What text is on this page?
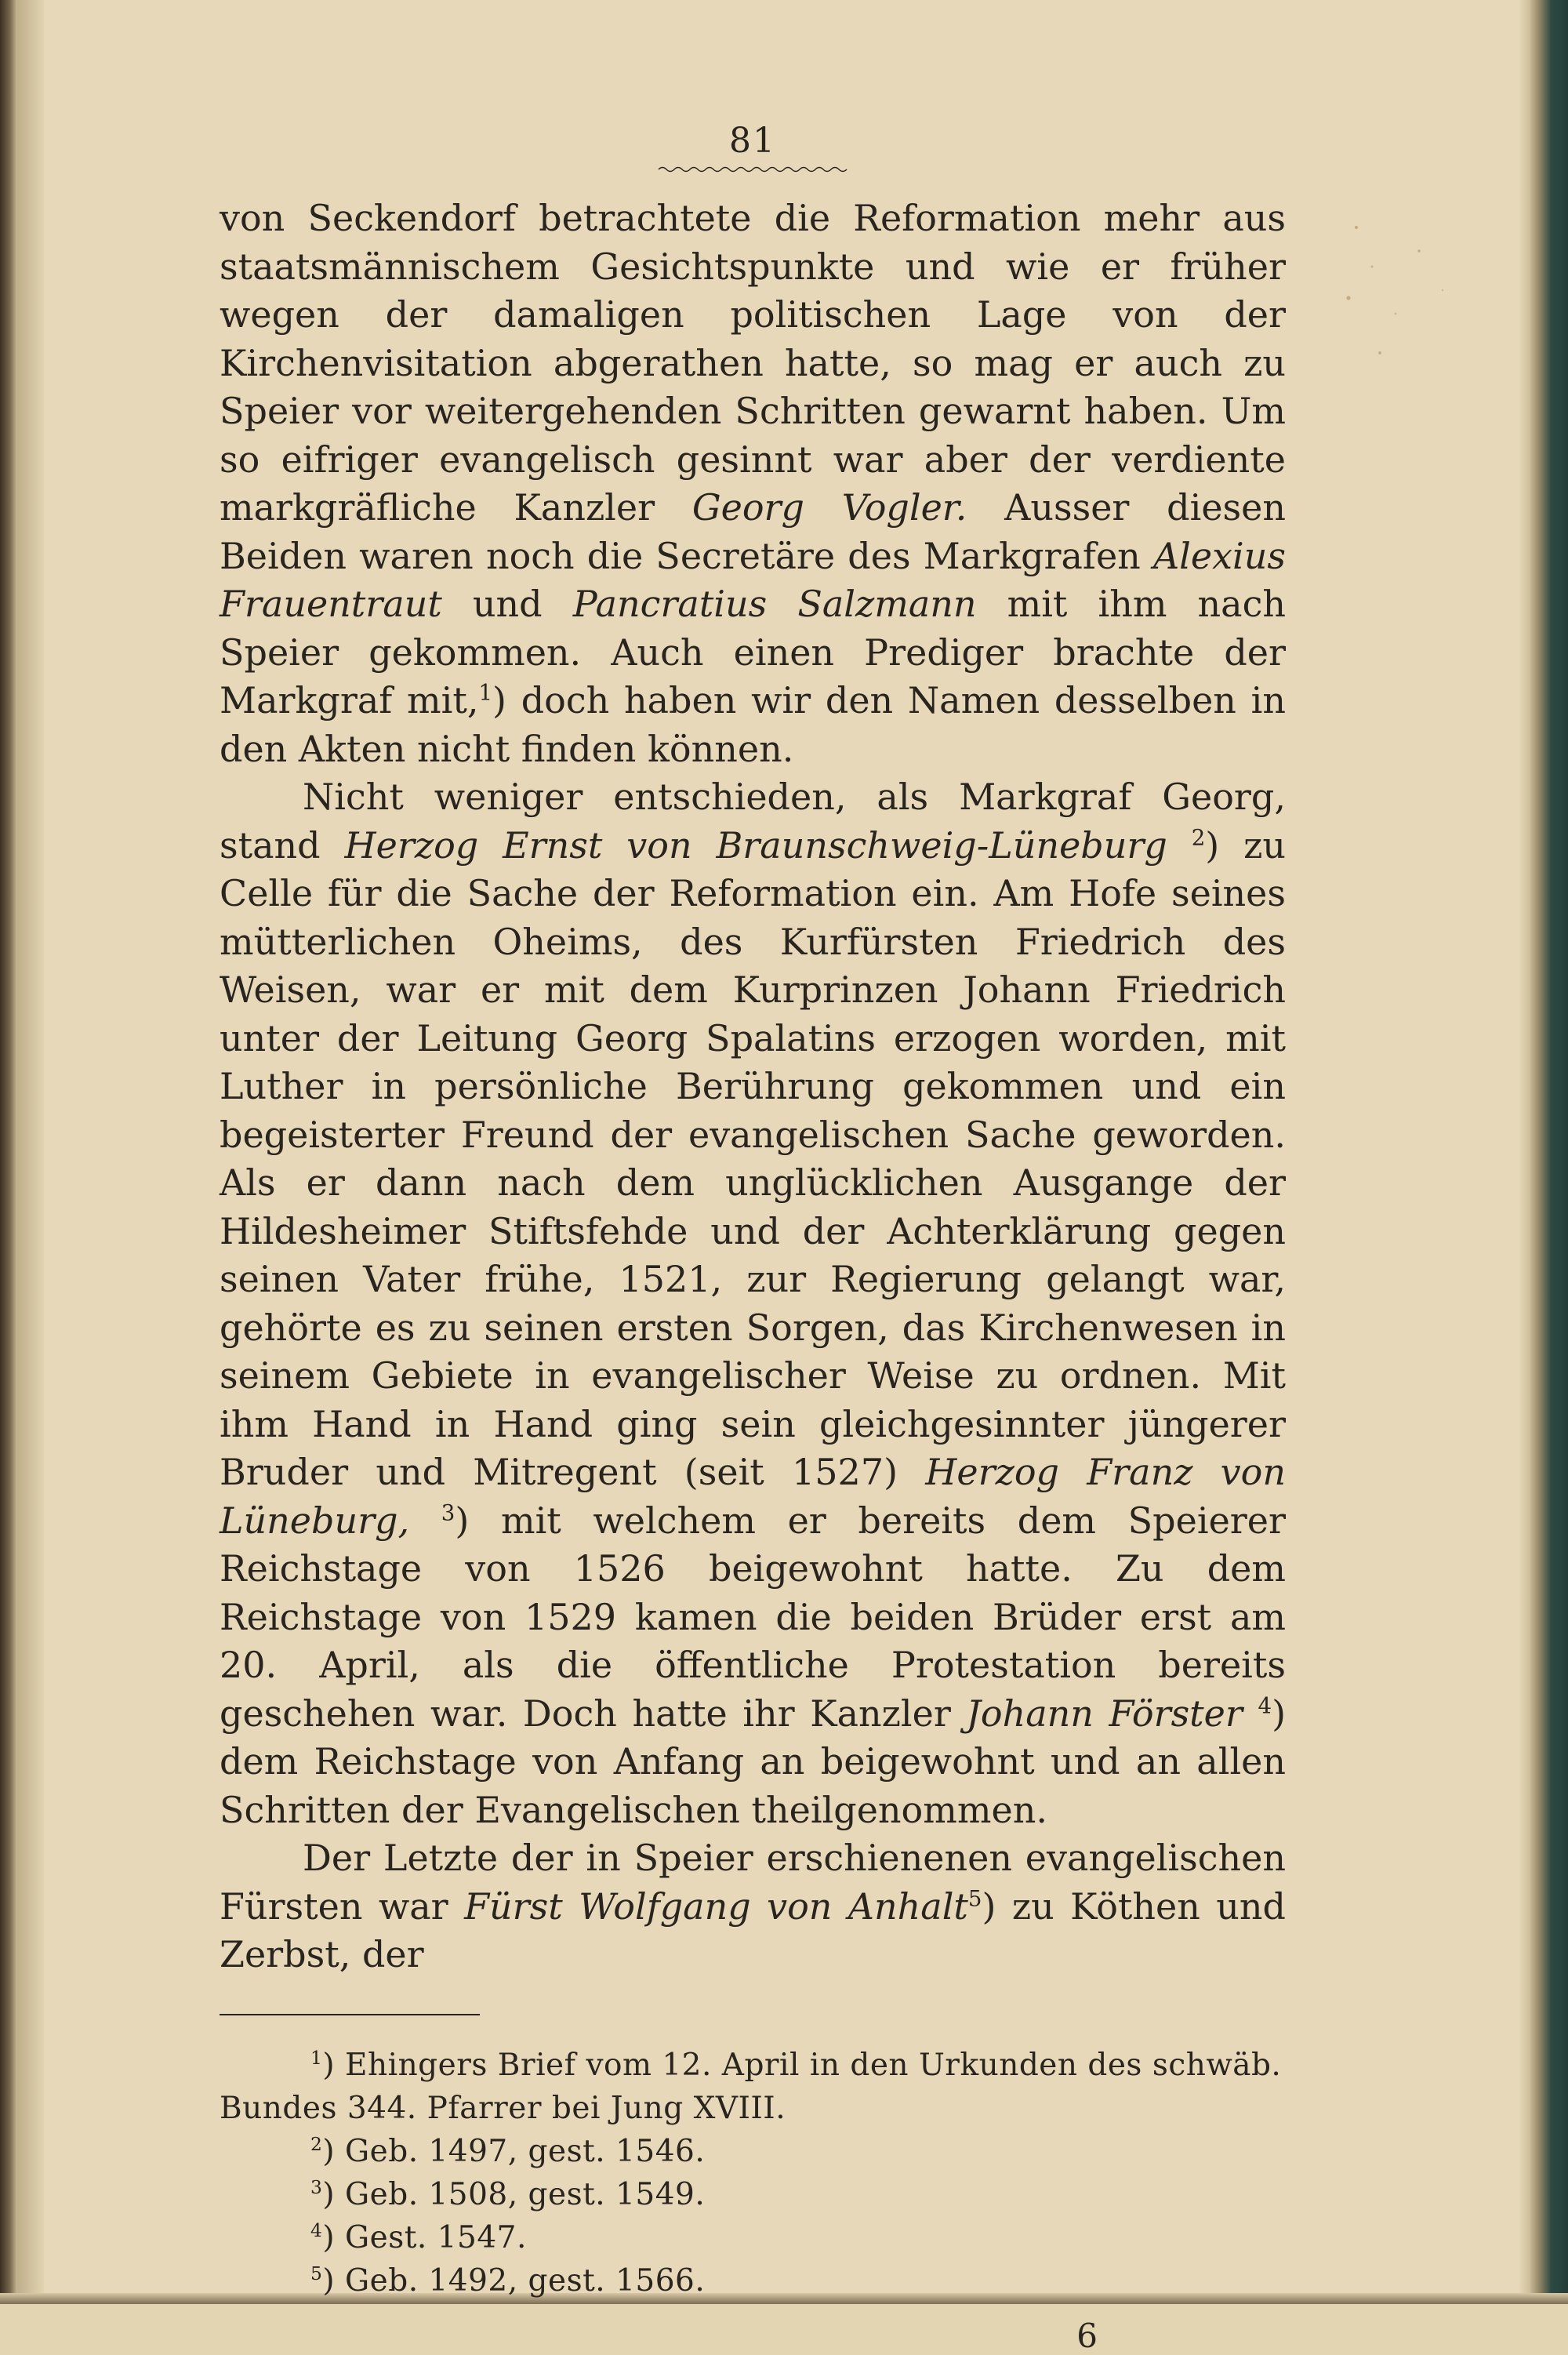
81

von Seckendorf betrachtete die Reformation mehr aus staatsmännischem Gesichtspunkte und wie er früher wegen der damaligen politischen Lage von der Kirchenvisitation abgerathen hatte, so mag er auch zu Speier vor weitergehenden Schritten gewarnt haben. Um so eifriger evangelisch gesinnt war aber der verdiente markgräfliche Kanzler Georg Vogler. Ausser diesen Beiden waren noch die Secretäre des Markgrafen Alexius Frauentraut und Pancratius Salzmann mit ihm nach Speier gekommen. Auch einen Prediger brachte der Markgraf mit,$^1$) doch haben wir den Namen desselben in den Akten nicht finden können.

Nicht weniger entschieden, als Markgraf Georg, stand Herzog Ernst von Braunschweig-Lüneburg $^2$) zu Celle für die Sache der Reformation ein. Am Hofe seines mütterlichen Oheims, des Kurfürsten Friedrich des Weisen, war er mit dem Kurprinzen Johann Friedrich unter der Leitung Georg Spalatins erzogen worden, mit Luther in persönliche Berührung gekommen und ein begeisterter Freund der evangelischen Sache geworden. Als er dann nach dem unglücklichen Ausgange der Hildesheimer Stiftsfehde und der Achterklärung gegen seinen Vater frühe, 1521, zur Regierung gelangt war, gehörte es zu seinen ersten Sorgen, das Kirchenwesen in seinem Gebiete in evangelischer Weise zu ordnen. Mit ihm Hand in Hand ging sein gleichgesinnter jüngerer Bruder und Mitregent (seit 1527) Herzog Franz von Lüneburg, $^3$) mit welchem er bereits dem Speierer Reichstage von 1526 beigewohnt hatte. Zu dem Reichstage von 1529 kamen die beiden Brüder erst am 20. April, als die öffentliche Protestation bereits geschehen war. Doch hatte ihr Kanzler Johann Förster $^4$) dem Reichstage von Anfang an beigewohnt und an allen Schritten der Evangelischen theilgenommen.

Der Letzte der in Speier erschienenen evangelischen Fürsten war Fürst Wolfgang von Anhalt$^5$) zu Köthen und Zerbst, der

$^1$) Ehingers Brief vom 12. April in den Urkunden des schwäb.
Bundes 344. Pfarrer bei Jung XVIII.
$^2$) Geb. 1497, gest. 1546.
$^3$) Geb. 1508, gest. 1549.
$^4$) Gest. 1547.
$^5$) Geb. 1492, gest. 1566.
6
